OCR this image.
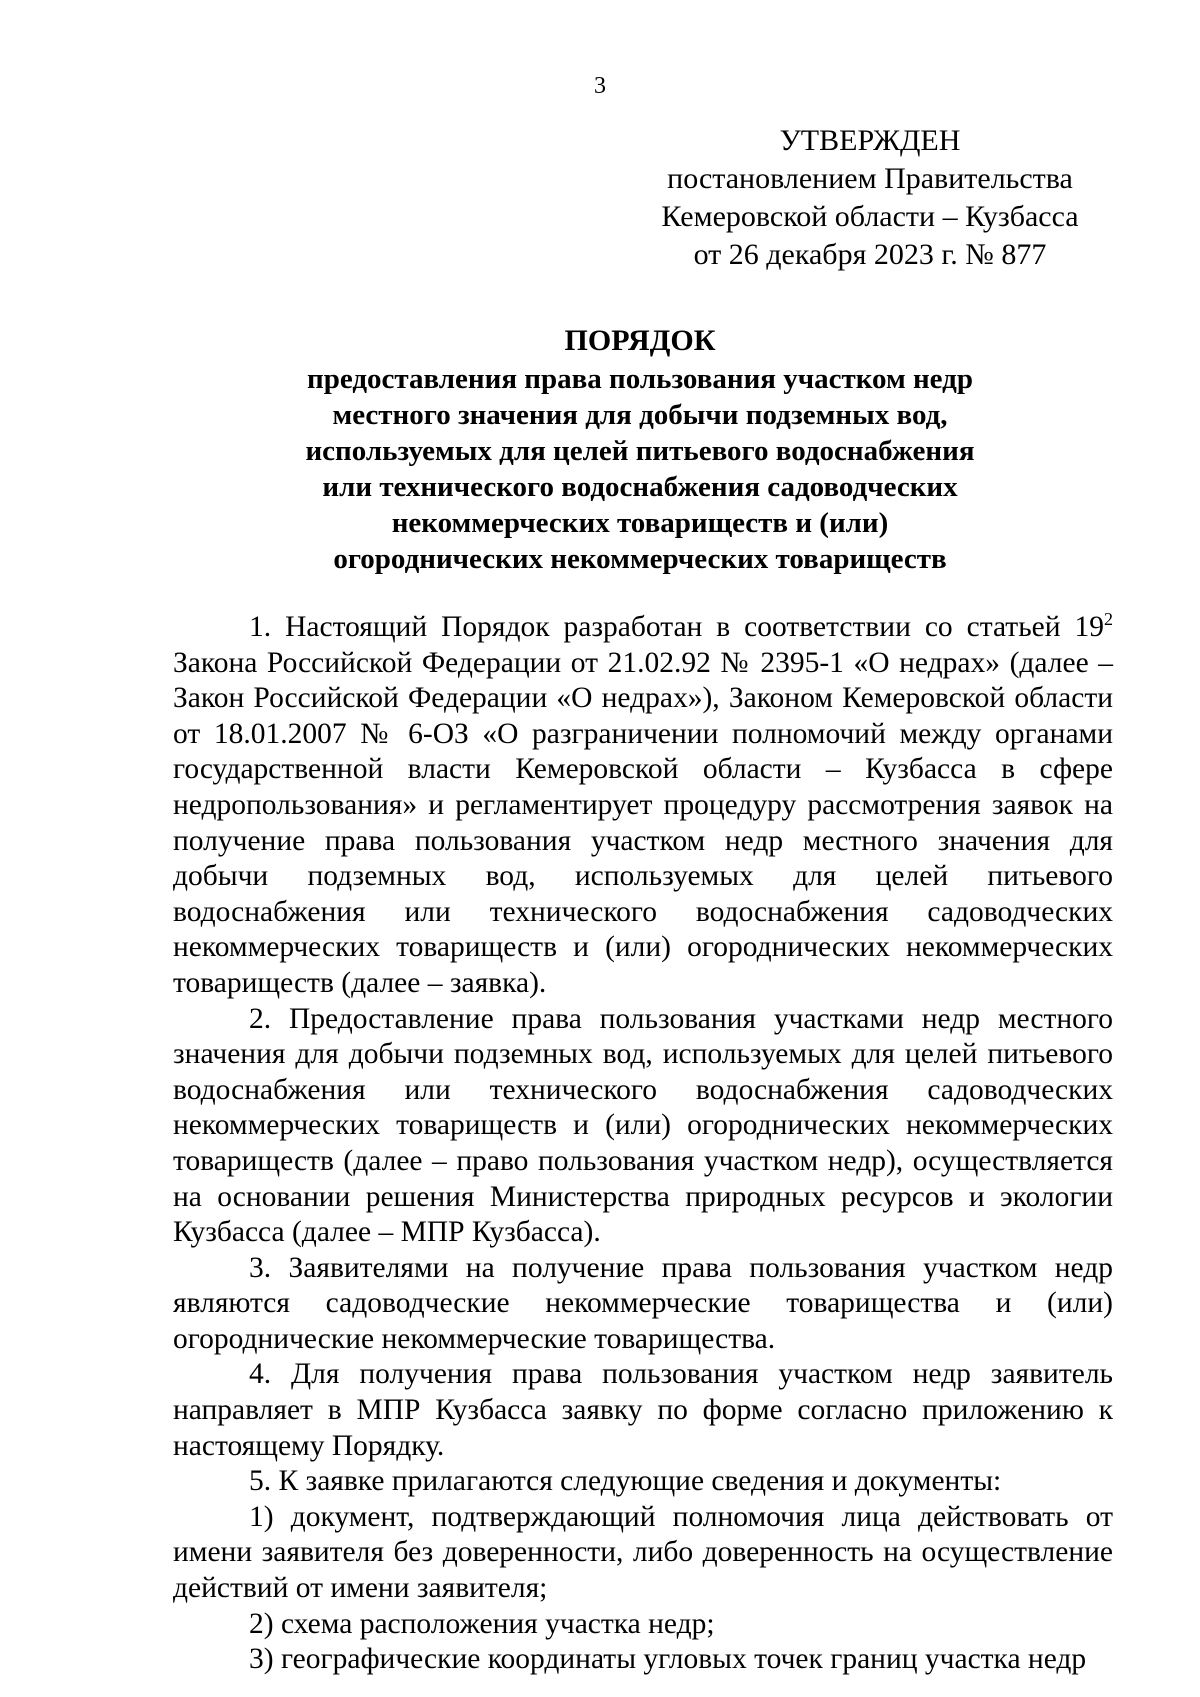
3
УТВЕРЖДЕН
постановлением Правительства
Кемеровской области – Кузбасса
от 26 декабря 2023 г. № 877
ПОРЯДОК
предоставления права пользования участком недр
местного значения для добычи подземных вод,
используемых для целей питьевого водоснабжения
или технического водоснабжения садоводческих
некоммерческих товариществ и (или)
огороднических некоммерческих товариществ

1. Настоящий Порядок разработан в соответствии со статьей $19^2$ Закона Российской Федерации от 21.02.92 № 2395-1 «О недрах» (далее – Закон Российской Федерации «О недрах»), Законом Кемеровской области от 18.01.2007 № 6-ОЗ «О разграничении полномочий между органами государственной власти Кемеровской области – Кузбасса в сфере недропользования» и регламентирует процедуру рассмотрения заявок на получение права пользования участком недр местного значения для добычи подземных вод, используемых для целей питьевого водоснабжения или технического водоснабжения садоводческих некоммерческих товариществ и (или) огороднических некоммерческих товариществ (далее – заявка).

2. Предоставление права пользования участками недр местного значения для добычи подземных вод, используемых для целей питьевого водоснабжения или технического водоснабжения садоводческих некоммерческих товариществ и (или) огороднических некоммерческих товариществ (далее – право пользования участком недр), осуществляется на основании решения Министерства природных ресурсов и экологии Кузбасса (далее – МПР Кузбасса).

3. Заявителями на получение права пользования участком недр являются садоводческие некоммерческие товарищества и (или) огороднические некоммерческие товарищества.

4. Для получения права пользования участком недр заявитель направляет в МПР Кузбасса заявку по форме согласно приложению к настоящему Порядку.

5. К заявке прилагаются следующие сведения и документы:

1) документ, подтверждающий полномочия лица действовать от имени заявителя без доверенности, либо доверенность на осуществление действий от имени заявителя;

2) схема расположения участка недр;

3) географические координаты угловых точек границ участка недр
